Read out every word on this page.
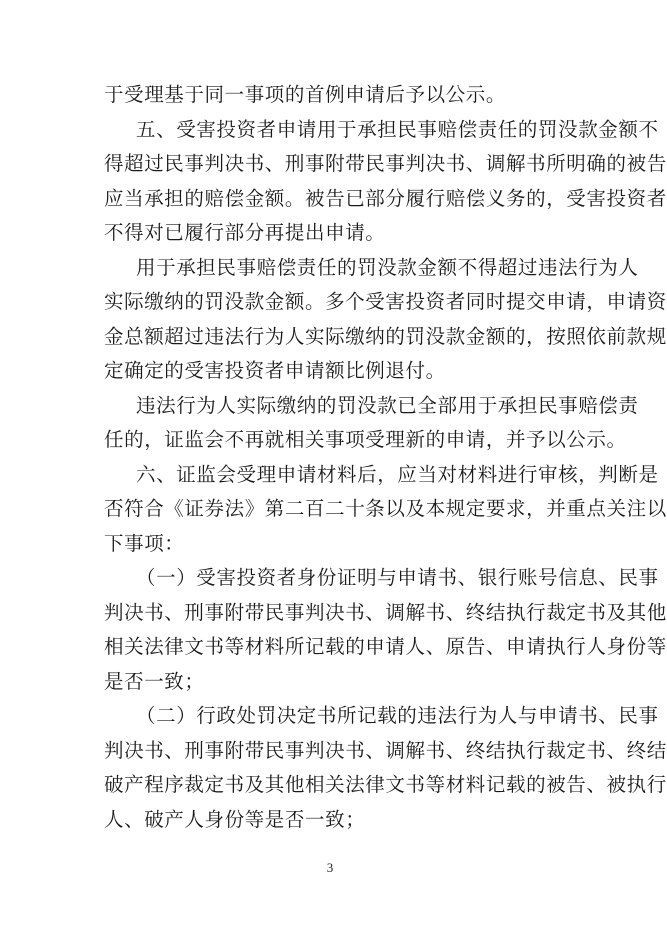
于受理基于同一事项的首例申请后予以公示。
五、受害投资者申请用于承担民事赔偿责任的罚没款金额不
得超过民事判决书、刑事附带民事判决书、调解书所明确的被告
应当承担的赔偿金额。被告已部分履行赔偿义务的，受害投资者
不得对已履行部分再提出申请。
用于承担民事赔偿责任的罚没款金额不得超过违法行为人
实际缴纳的罚没款金额。多个受害投资者同时提交申请，申请资
金总额超过违法行为人实际缴纳的罚没款金额的，按照依前款规
定确定的受害投资者申请额比例退付。
违法行为人实际缴纳的罚没款已全部用于承担民事赔偿责
任的，证监会不再就相关事项受理新的申请，并予以公示。
六、证监会受理申请材料后，应当对材料进行审核，判断是
否符合《证券法》第二百二十条以及本规定要求，并重点关注以
下事项：
（一）受害投资者身份证明与申请书、银行账号信息、民事
判决书、刑事附带民事判决书、调解书、终结执行裁定书及其他
相关法律文书等材料所记载的申请人、原告、申请执行人身份等
是否一致；
（二）行政处罚决定书所记载的违法行为人与申请书、民事
判决书、刑事附带民事判决书、调解书、终结执行裁定书、终结
破产程序裁定书及其他相关法律文书等材料记载的被告、被执行
人、破产人身份等是否一致；
3
